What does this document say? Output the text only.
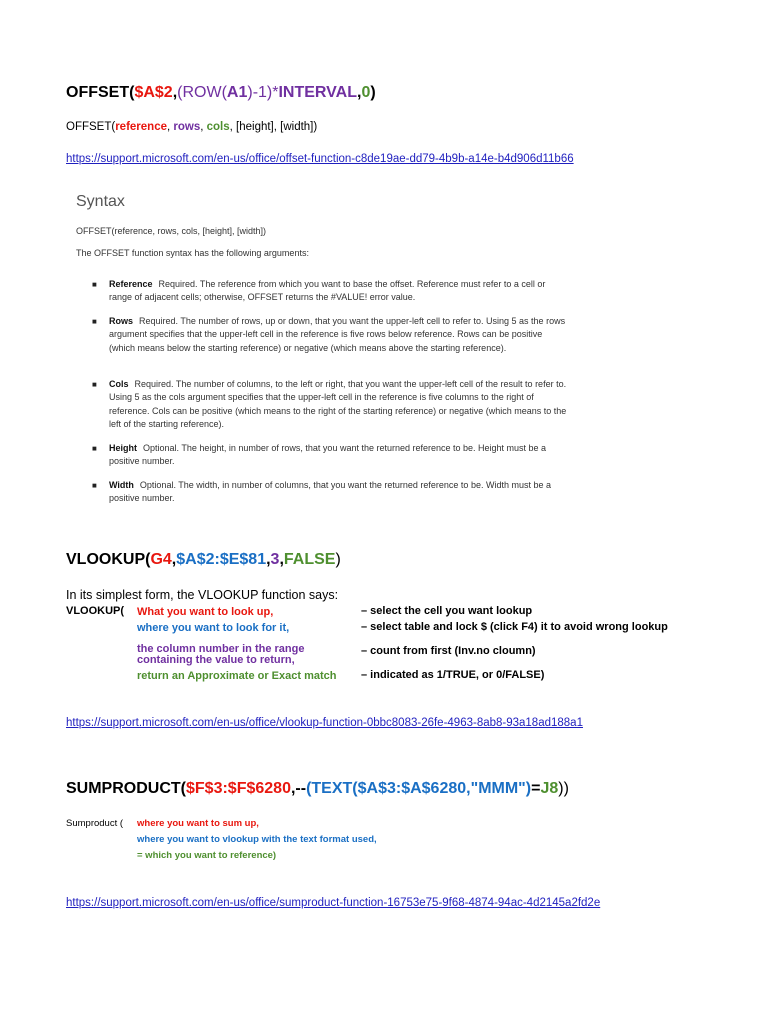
OFFSET($A$2,(ROW(A1)-1)*INTERVAL,0)
OFFSET(reference, rows, cols, [height], [width])
https://support.microsoft.com/en-us/office/offset-function-c8de19ae-dd79-4b9b-a14e-b4d906d11b66
Syntax
OFFSET(reference, rows, cols, [height], [width])
The OFFSET function syntax has the following arguments:
■ Reference Required. The reference from which you want to base the offset. Reference must refer to a cell or range of adjacent cells; otherwise, OFFSET returns the #VALUE! error value.
■ Rows Required. The number of rows, up or down, that you want the upper-left cell to refer to. Using 5 as the rows argument specifies that the upper-left cell in the reference is five rows below reference. Rows can be positive (which means below the starting reference) or negative (which means above the starting reference).
■ Cols Required. The number of columns, to the left or right, that you want the upper-left cell of the result to refer to. Using 5 as the cols argument specifies that the upper-left cell in the reference is five columns to the right of reference. Cols can be positive (which means to the right of the starting reference) or negative (which means to the left of the starting reference).
■ Height Optional. The height, in number of rows, that you want the returned reference to be. Height must be a positive number.
■ Width Optional. The width, in number of columns, that you want the returned reference to be. Width must be a positive number.
VLOOKUP(G4,$A$2:$E$81,3,FALSE)
In its simplest form, the VLOOKUP function says:
VLOOKUP( What you want to look up,	– select the cell you want lookup
where you want to look for it,	– select table and lock $ (click F4) it to avoid wrong lookup
the column number in the range
containing the value to return,
– count from first (Inv.no cloumn)
return an Approximate or Exact match – indicated as 1/TRUE, or 0/FALSE)
https://support.microsoft.com/en-us/office/vlookup-function-0bbc8083-26fe-4963-8ab8-93a18ad188a1
SUMPRODUCT($F$3:$F$6280,--(TEXT($A$3:$A$6280,"MMM")=J8))
Sumproduct ( where you want to sum up,
where you want to vlookup with the text format used,
= which you want to reference)
https://support.microsoft.com/en-us/office/sumproduct-function-16753e75-9f68-4874-94ac-4d2145a2fd2e
